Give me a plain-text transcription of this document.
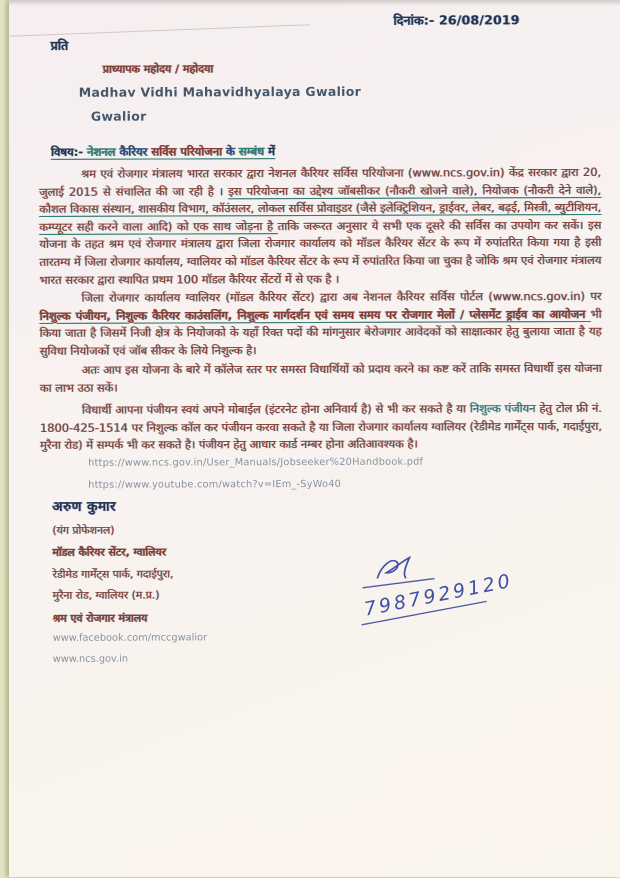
दिनांक:- 26/08/2019
प्रति
प्राध्यापक महोदय / महोदया
Madhav Vidhi Mahavidhyalaya Gwalior
Gwalior
विषय:- नेशनल कैरियर सर्विस परियोजना के सम्बंध में

श्रम एवं रोजगार मंत्रालय भारत सरकार द्वारा नेशनल कैरियर सर्विस परियोजना (www.ncs.gov.in) केंद्र सरकार द्वारा 20, जुलाई 2015 से संचालित की जा रही है । इस परियोजना का उद्देश्य जॉबसीकर (नौकरी खोजने वाले), नियोजक (नौकरी देने वाले), कौशल विकास संस्थान, शासकीय विभाग, कॉउंसलर, लोकल सर्विस प्रोवाइडर (जैसे इलेक्ट्रिशियन, ड्राईवर, लेबर, बढ़ई, मिस्त्री, ब्युटीशियन, कम्प्यूटर सही करने वाला आदि) को एक साथ जोड़ना है ताकि जरूरत अनुसार ये सभी एक दूसरे की सर्विस का उपयोग कर सकें। इस योजना के तहत श्रम एवं रोजगार मंत्रालय द्वारा जिला रोजगार कार्यालय को मॉडल कैरियर सेंटर के रूप में रुपांतरित किया गया है इसी तारतम्य में जिला रोजगार कार्यालय, ग्वालियर को मॉडल कैरियर सेंटर के रूप में रुपांतरित किया जा चुका है जोकि श्रम एवं रोजगार मंत्रालय भारत सरकार द्वारा स्थापित प्रथम 100 मॉडल कैरियर सेंटरों में से एक है ।

जिला रोजगार कार्यालय ग्वालियर (मॉडल कैरियर सेंटर) द्वारा अब नेशनल कैरियर सर्विस पोर्टल (www.ncs.gov.in) पर निशुल्क पंजीयन, निशुल्क कैरियर काउंसलिंग, निशुल्क मार्गदर्शन एवं समय समय पर रोजगार मेलों / प्लेसमेंट ड्राईव का आयोजन भी किया जाता है जिसमें निजी क्षेत्र के नियोजको के यहाँ रिक्त पदों की मांगनुसार बेरोजगार आवेदकों को साक्षात्कार हेतु बुलाया जाता है यह सुविधा नियोजकों एवं जॉब सीकर के लिये निशुल्क है।

अतः आप इस योजना के बारे में कॉलेज स्तर पर समस्त विधार्थियों को प्रदाय करने का कष्ट करें ताकि समस्त विधार्थी इस योजना का लाभ उठा सकें।

विधार्थी आपना पंजीयन स्वयं अपने मोबाईल (इंटरनेट होना अनिवार्य है) से भी कर सकते है या निशुल्क पंजीयन हेतु टोल फ्री नं. 1800-425-1514 पर निशुल्क कॉल कर पंजीयन करवा सकते है या जिला रोजगार कार्यालय ग्वालियर (रेडीमेड गार्मेंट्स पार्क, गदाईपुरा, मुरैना रोड) में सम्पर्क भी कर सकते है। पंजीयन हेतु आधार कार्ड नम्बर होना अतिआवश्यक है।

https://www.ncs.gov.in/User_Manuals/Jobseeker%20Handbook.pdf
https://www.youtube.com/watch?v=IEm_-SyWo40
अरुण कुमार
(यंग प्रोफेशनल)
मॉडल कैरियर सेंटर, ग्वालियर
रेडीमेड गार्मेंट्स पार्क, गदाईपुरा,
मुरैना रोड, ग्वालियर (म.प्र.)
श्रम एवं रोजगार मंत्रालय
www.facebook.com/mccgwalior
www.ncs.gov.in
7987929120
